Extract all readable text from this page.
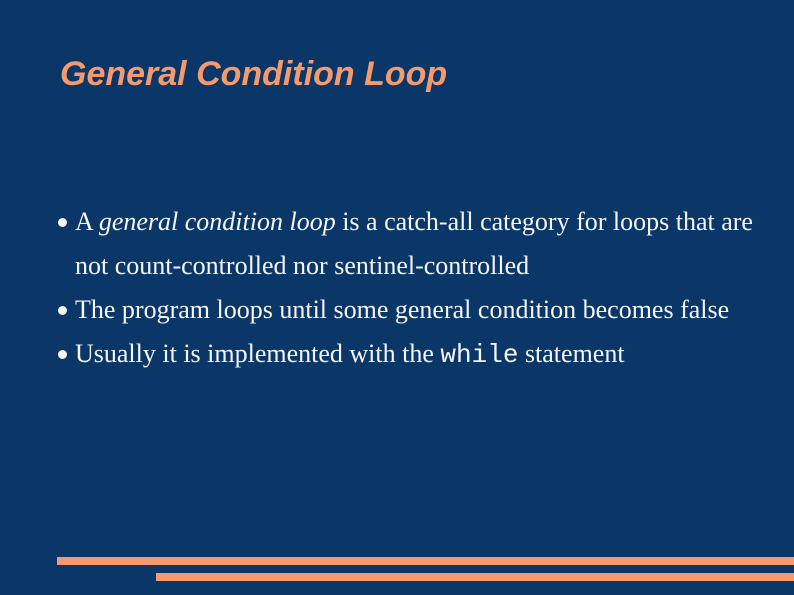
General Condition Loop
A general condition loop is a catch-all category for loops that are not count-controlled nor sentinel-controlled
The program loops until some general condition becomes false
Usually it is implemented with the while statement
